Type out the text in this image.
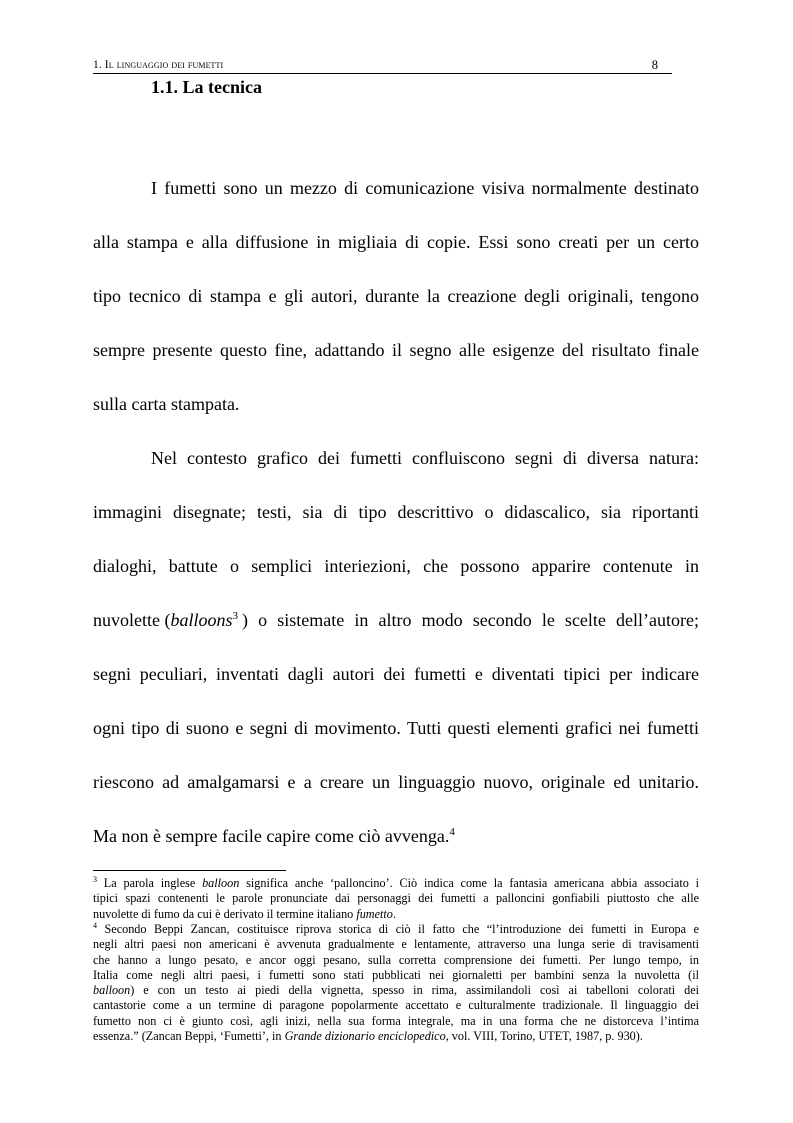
1. Il linguaggio dei fumetti	8
1.1. La tecnica
I fumetti sono un mezzo di comunicazione visiva normalmente destinato
alla stampa e alla diffusione in migliaia di copie. Essi sono creati per un certo
tipo tecnico di stampa e gli autori, durante la creazione degli originali, tengono
sempre presente questo fine, adattando il segno alle esigenze del risultato finale
sulla carta stampata.
Nel contesto grafico dei fumetti confluiscono segni di diversa natura:
immagini disegnate; testi, sia di tipo descrittivo o didascalico, sia riportanti
dialoghi, battute o semplici interiezioni, che possono apparire contenute in
nuvolette (balloons$^3$ ) o sistemate in altro modo secondo le scelte dell’autore;
segni peculiari, inventati dagli autori dei fumetti e diventati tipici per indicare
ogni tipo di suono e segni di movimento. Tutti questi elementi grafici nei fumetti
riescono ad amalgamarsi e a creare un linguaggio nuovo, originale ed unitario.
Ma non è sempre facile capire come ciò avvenga.$^4$
$^3$ La parola inglese balloon significa anche ‘palloncino’. Ciò indica come la fantasia americana abbia associato i
tipici spazi contenenti le parole pronunciate dai personaggi dei fumetti a palloncini gonfiabili piuttosto che alle
nuvolette di fumo da cui è derivato il termine italiano fumetto.
$^4$ Secondo Beppi Zancan, costituisce riprova storica di ciò il fatto che “l’introduzione dei fumetti in Europa e
negli altri paesi non americani è avvenuta gradualmente e lentamente, attraverso una lunga serie di travisamenti
che hanno a lungo pesato, e ancor oggi pesano, sulla corretta comprensione dei fumetti. Per lungo tempo, in
Italia come negli altri paesi, i fumetti sono stati pubblicati nei giornaletti per bambini senza la nuvoletta (il
balloon) e con un testo ai piedi della vignetta, spesso in rima, assimilandoli così ai tabelloni colorati dei
cantastorie come a un termine di paragone popolarmente accettato e culturalmente tradizionale. Il linguaggio dei
fumetto non ci è giunto così, agli inizi, nella sua forma integrale, ma in una forma che ne distorceva l’intima
essenza.” (Zancan Beppi, ‘Fumetti’, in Grande dizionario enciclopedico, vol. VIII, Torino, UTET, 1987, p. 930).
